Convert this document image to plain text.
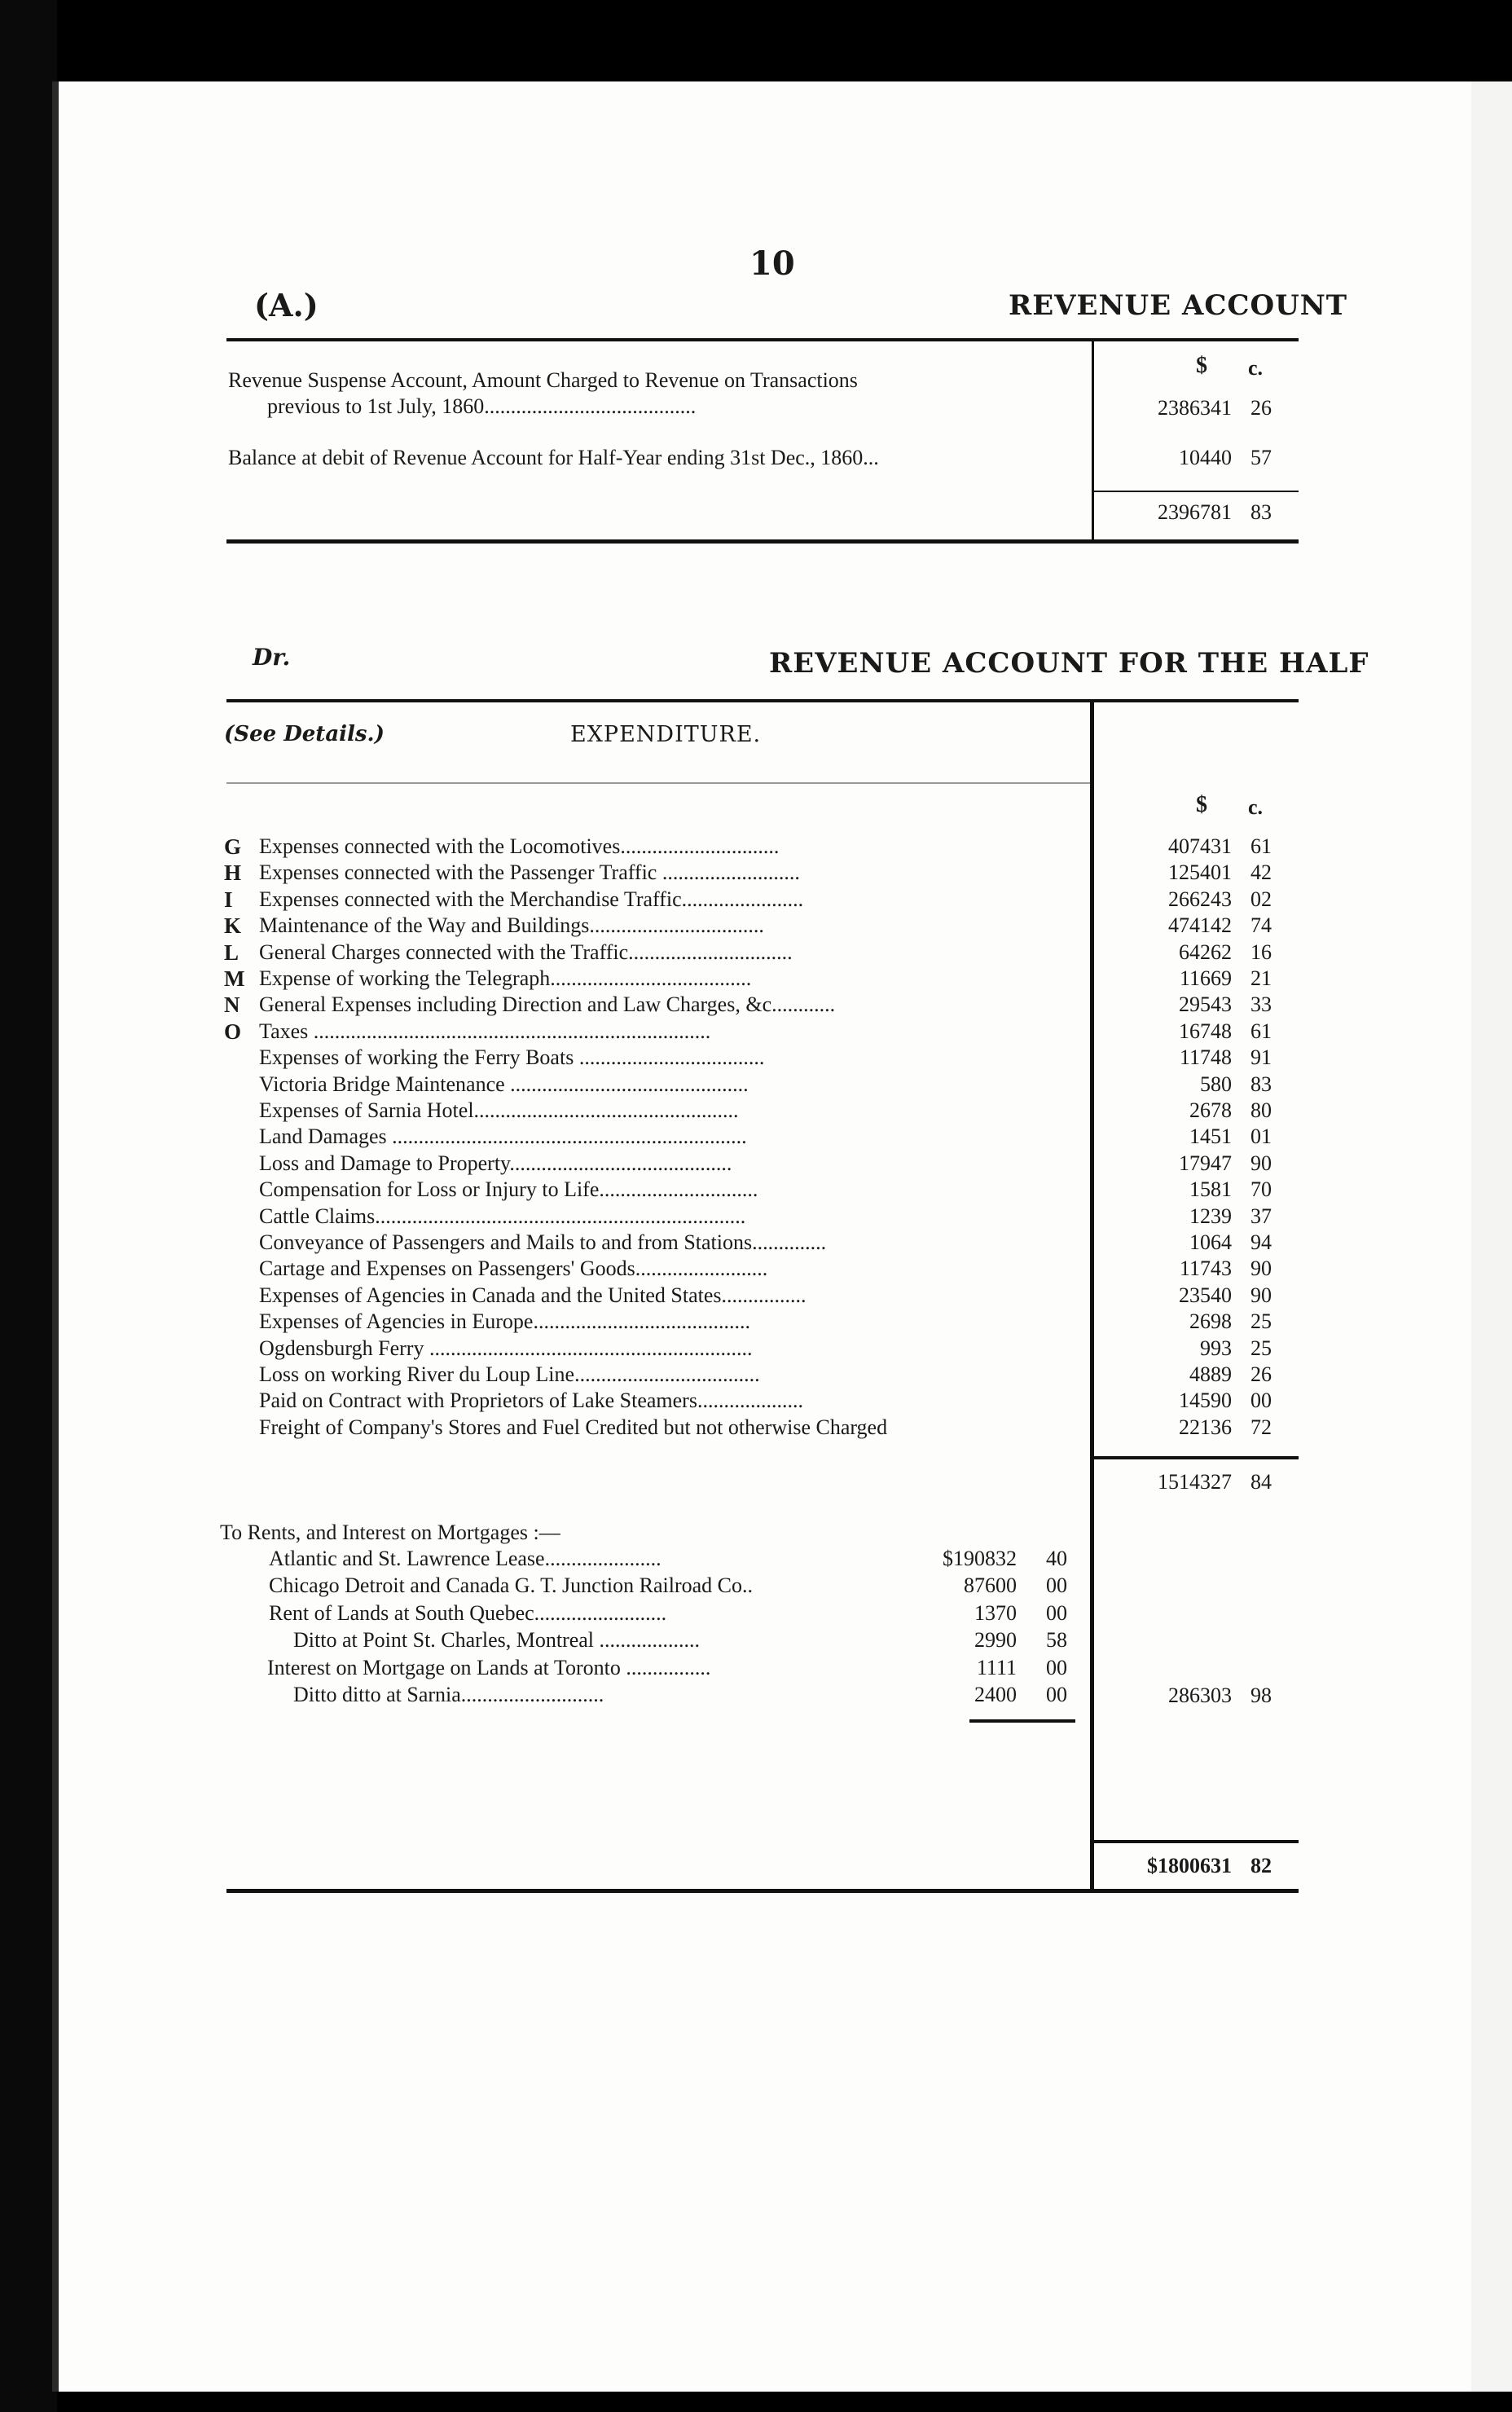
10
(A.)	REVENUE ACCOUNT
$ c.
Revenue Suspense Account, Amount Charged to Revenue on Transactions
previous to 1st July, 1860........................................	2386341 26
Balance at debit of Revenue Account for Half-Year ending 31st Dec., 1860...	10440 57
2396781 83
Dr.	REVENUE ACCOUNT FOR THE HALF
(See Details.)	EXPENDITURE.
$ c.
G Expenses connected with the Locomotives..............................	407431 61
H Expenses connected with the Passenger Traffic ..........................	125401 42
I Expenses connected with the Merchandise Traffic.......................	266243 02
K Maintenance of the Way and Buildings.................................	474142 74
L General Charges connected with the Traffic...............................	64262 16
M Expense of working the Telegraph......................................	11669 21
N General Expenses including Direction and Law Charges, &c............	29543 33
O Taxes ...........................................................................	16748 61
Expenses of working the Ferry Boats ...................................	11748 91
Victoria Bridge Maintenance .............................................	580 83
Expenses of Sarnia Hotel..................................................	2678 80
Land Damages ...................................................................	1451 01
Loss and Damage to Property..........................................	17947 90
Compensation for Loss or Injury to Life..............................	1581 70
Cattle Claims......................................................................	1239 37
Conveyance of Passengers and Mails to and from Stations..............	1064 94
Cartage and Expenses on Passengers' Goods.........................	11743 90
Expenses of Agencies in Canada and the United States................	23540 90
Expenses of Agencies in Europe.........................................	2698 25
Ogdensburgh Ferry .............................................................	993 25
Loss on working River du Loup Line...................................	4889 26
Paid on Contract with Proprietors of Lake Steamers....................	14590 00
Freight of Company's Stores and Fuel Credited but not otherwise Charged	22136 72
1514327 84
To Rents, and Interest on Mortgages :—
Atlantic and St. Lawrence Lease......................	$190832 40
Chicago Detroit and Canada G. T. Junction Railroad Co..	87600 00
Rent of Lands at South Quebec.........................	1370 00
Ditto at Point St. Charles, Montreal ...................	2990 58
Interest on Mortgage on Lands at Toronto ................	1111 00
Ditto ditto at Sarnia...........................	2400 00	286303 98
$1800631 82
